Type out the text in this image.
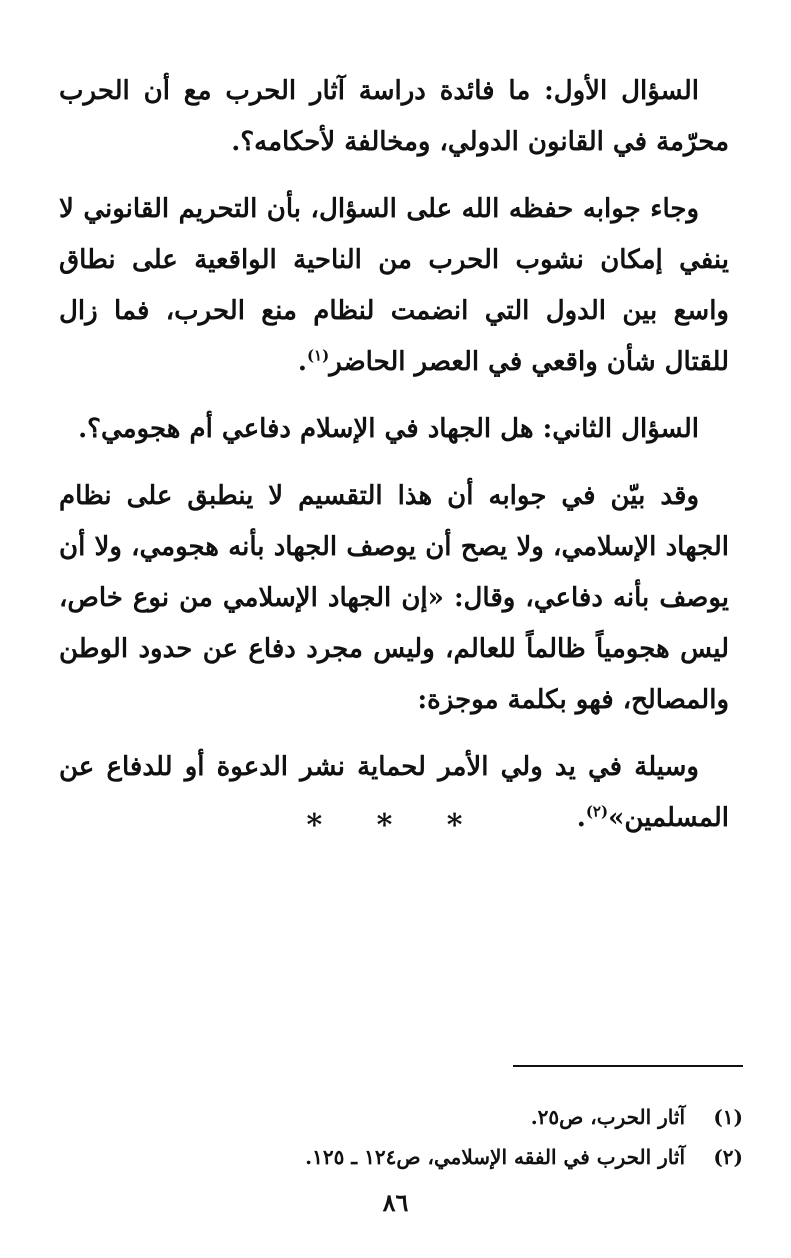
السؤال الأول: ما فائدة دراسة آثار الحرب مع أن الحرب محرّمة في القانون الدولي، ومخالفة لأحكامه؟.

وجاء جوابه حفظه الله على السؤال، بأن التحريم القانوني لا ينفي إمكان نشوب الحرب من الناحية الواقعية على نطاق واسع بين الدول التي انضمت لنظام منع الحرب، فما زال للقتال شأن واقعي في العصر الحاضر$^{(١)}$.

السؤال الثاني: هل الجهاد في الإسلام دفاعي أم هجومي؟.

وقد بيّن في جوابه أن هذا التقسيم لا ينطبق على نظام الجهاد الإسلامي، ولا يصح أن يوصف الجهاد بأنه هجومي، ولا أن يوصف بأنه دفاعي، وقال: «إن الجهاد الإسلامي من نوع خاص، ليس هجومياً ظالماً للعالم، وليس مجرد دفاع عن حدود الوطن والمصالح، فهو بكلمة موجزة:

وسيلة في يد ولي الأمر لحماية نشر الدعوة أو للدفاع عن المسلمين»$^{(٢)}$.

* * *
(١)
آثار الحرب، ص٢٥.
(٢)
آثار الحرب في الفقه الإسلامي، ص١٢٤ ـ ١٢٥.
٨٦
